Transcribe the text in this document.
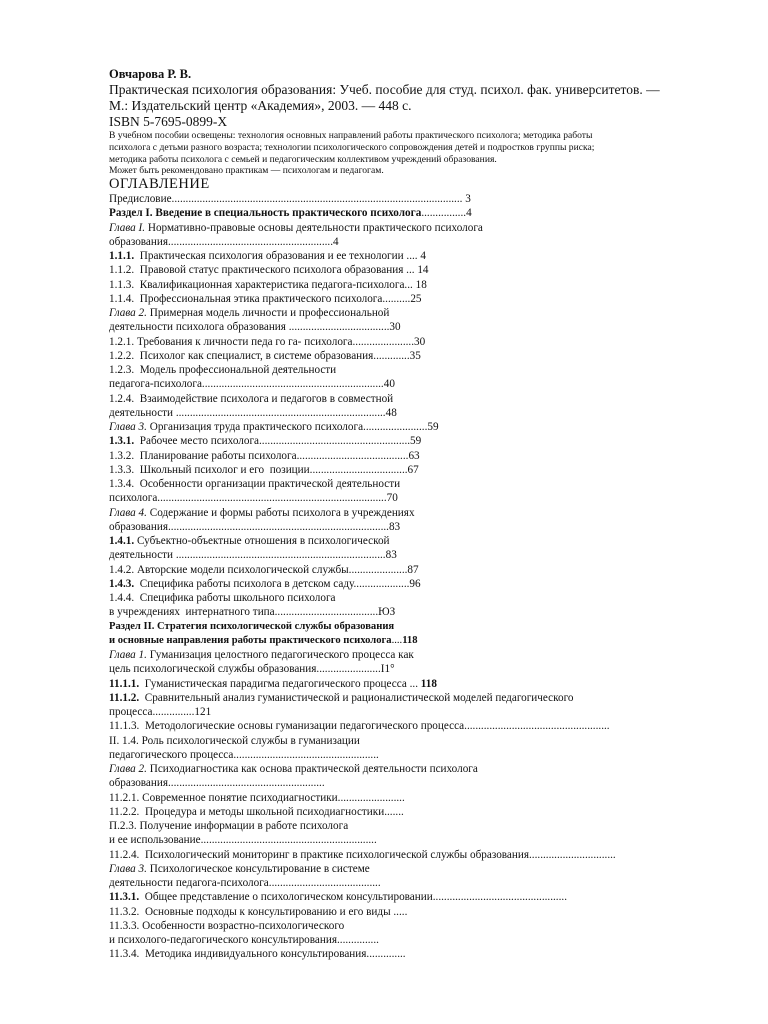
Овчарова Р. В.
Практическая психология образования: Учеб. пособие для студ. психол. фак. университетов. —
М.: Издательский центр «Академия», 2003. — 448 с.
ISBN 5-7695-0899-X
В учебном пособии освещены: технология основных направлений работы практического психолога; методика работы
психолога с детьми разного возраста; технологии психологического сопровождения детей и подростков группы риска;
методика работы психолога с семьей и педагогическим коллективом учреждений образования.
Может быть рекомендовано практикам — психологам и педагогам.
ОГЛАВЛЕНИЕ
Предисловие........................................................................................................ 3
Раздел I. Введение в специальность практического психолога................4
Глава I. Нормативно-правовые основы деятельности практического психолога
образования...........................................................4
1.1.1.  Практическая психология образования и ее технологии .... 4
1.1.2.  Правовой статус практического психолога образования ... 14
1.1.3.  Квалификационная характеристика педагога-психолога... 18
1.1.4.  Профессиональная этика практического психолога..........25
Глава 2. Примерная модель личности и профессиональной
деятельности психолога образования ....................................30
1.2.1. Требования к личности педа го га- психолога......................30
1.2.2.  Психолог как специалист, в системе образования.............35
1.2.3.  Модель профессиональной деятельности
педагога-психолога.................................................................40
1.2.4.  Взаимодействие психолога и педагогов в совместной
деятельности ...........................................................................48
Глава 3. Организация труда практического психолога.......................59
1.3.1.  Рабочее место психолога......................................................59
1.3.2.  Планирование работы психолога........................................63
1.3.3.  Школьный психолог и его  позиции...................................67
1.3.4.  Особенности организации практической деятельности
психолога..................................................................................70
Глава 4. Содержание и формы работы психолога в учреждениях
образования...............................................................................83
1.4.1. Субъектно-объектные отношения в психологической
деятельности ...........................................................................83
1.4.2. Авторские модели психологической службы.....................87
1.4.3.  Специфика работы психолога в детском саду....................96
1.4.4.  Специфика работы школьного психолога
в учреждениях  интернатного типа.....................................ЮЗ
Раздел II. Стратегия психологической службы образования
и основные направления работы практического психолога....118
Глава 1. Гуманизация целостного педагогического процесса как
цель психологической службы образования.......................I1°
11.1.1.  Гуманистическая парадигма педагогического процесса ... 118
11.1.2.  Сравнительный анализ гуманистической и рационалистической моделей педагогического
процесса...............121
11.1.3.  Методологические основы гуманизации педагогического процесса....................................................
II. 1.4. Роль психологической службы в гуманизации
педагогического процесса....................................................
Глава 2. Психодиагностика как основа практической деятельности психолога
образования........................................................
11.2.1. Современное понятие психодиагностики........................
11.2.2.  Процедура и методы школьной психодиагностики.......
П.2.3. Получение информации в работе психолога
и ее использование...............................................................
11.2.4.  Психологический мониторинг в практике психологической службы образования...............................
Глава 3. Психологическое консультирование в системе
деятельности педагога-психолога........................................
11.3.1.  Общее представление о психологическом консультировании................................................
11.3.2.  Основные подходы к консультированию и его виды .....
11.3.3. Особенности возрастно-психологического
и психолого-педагогического консультирования...............
11.3.4.  Методика индивидуального консультирования..............
